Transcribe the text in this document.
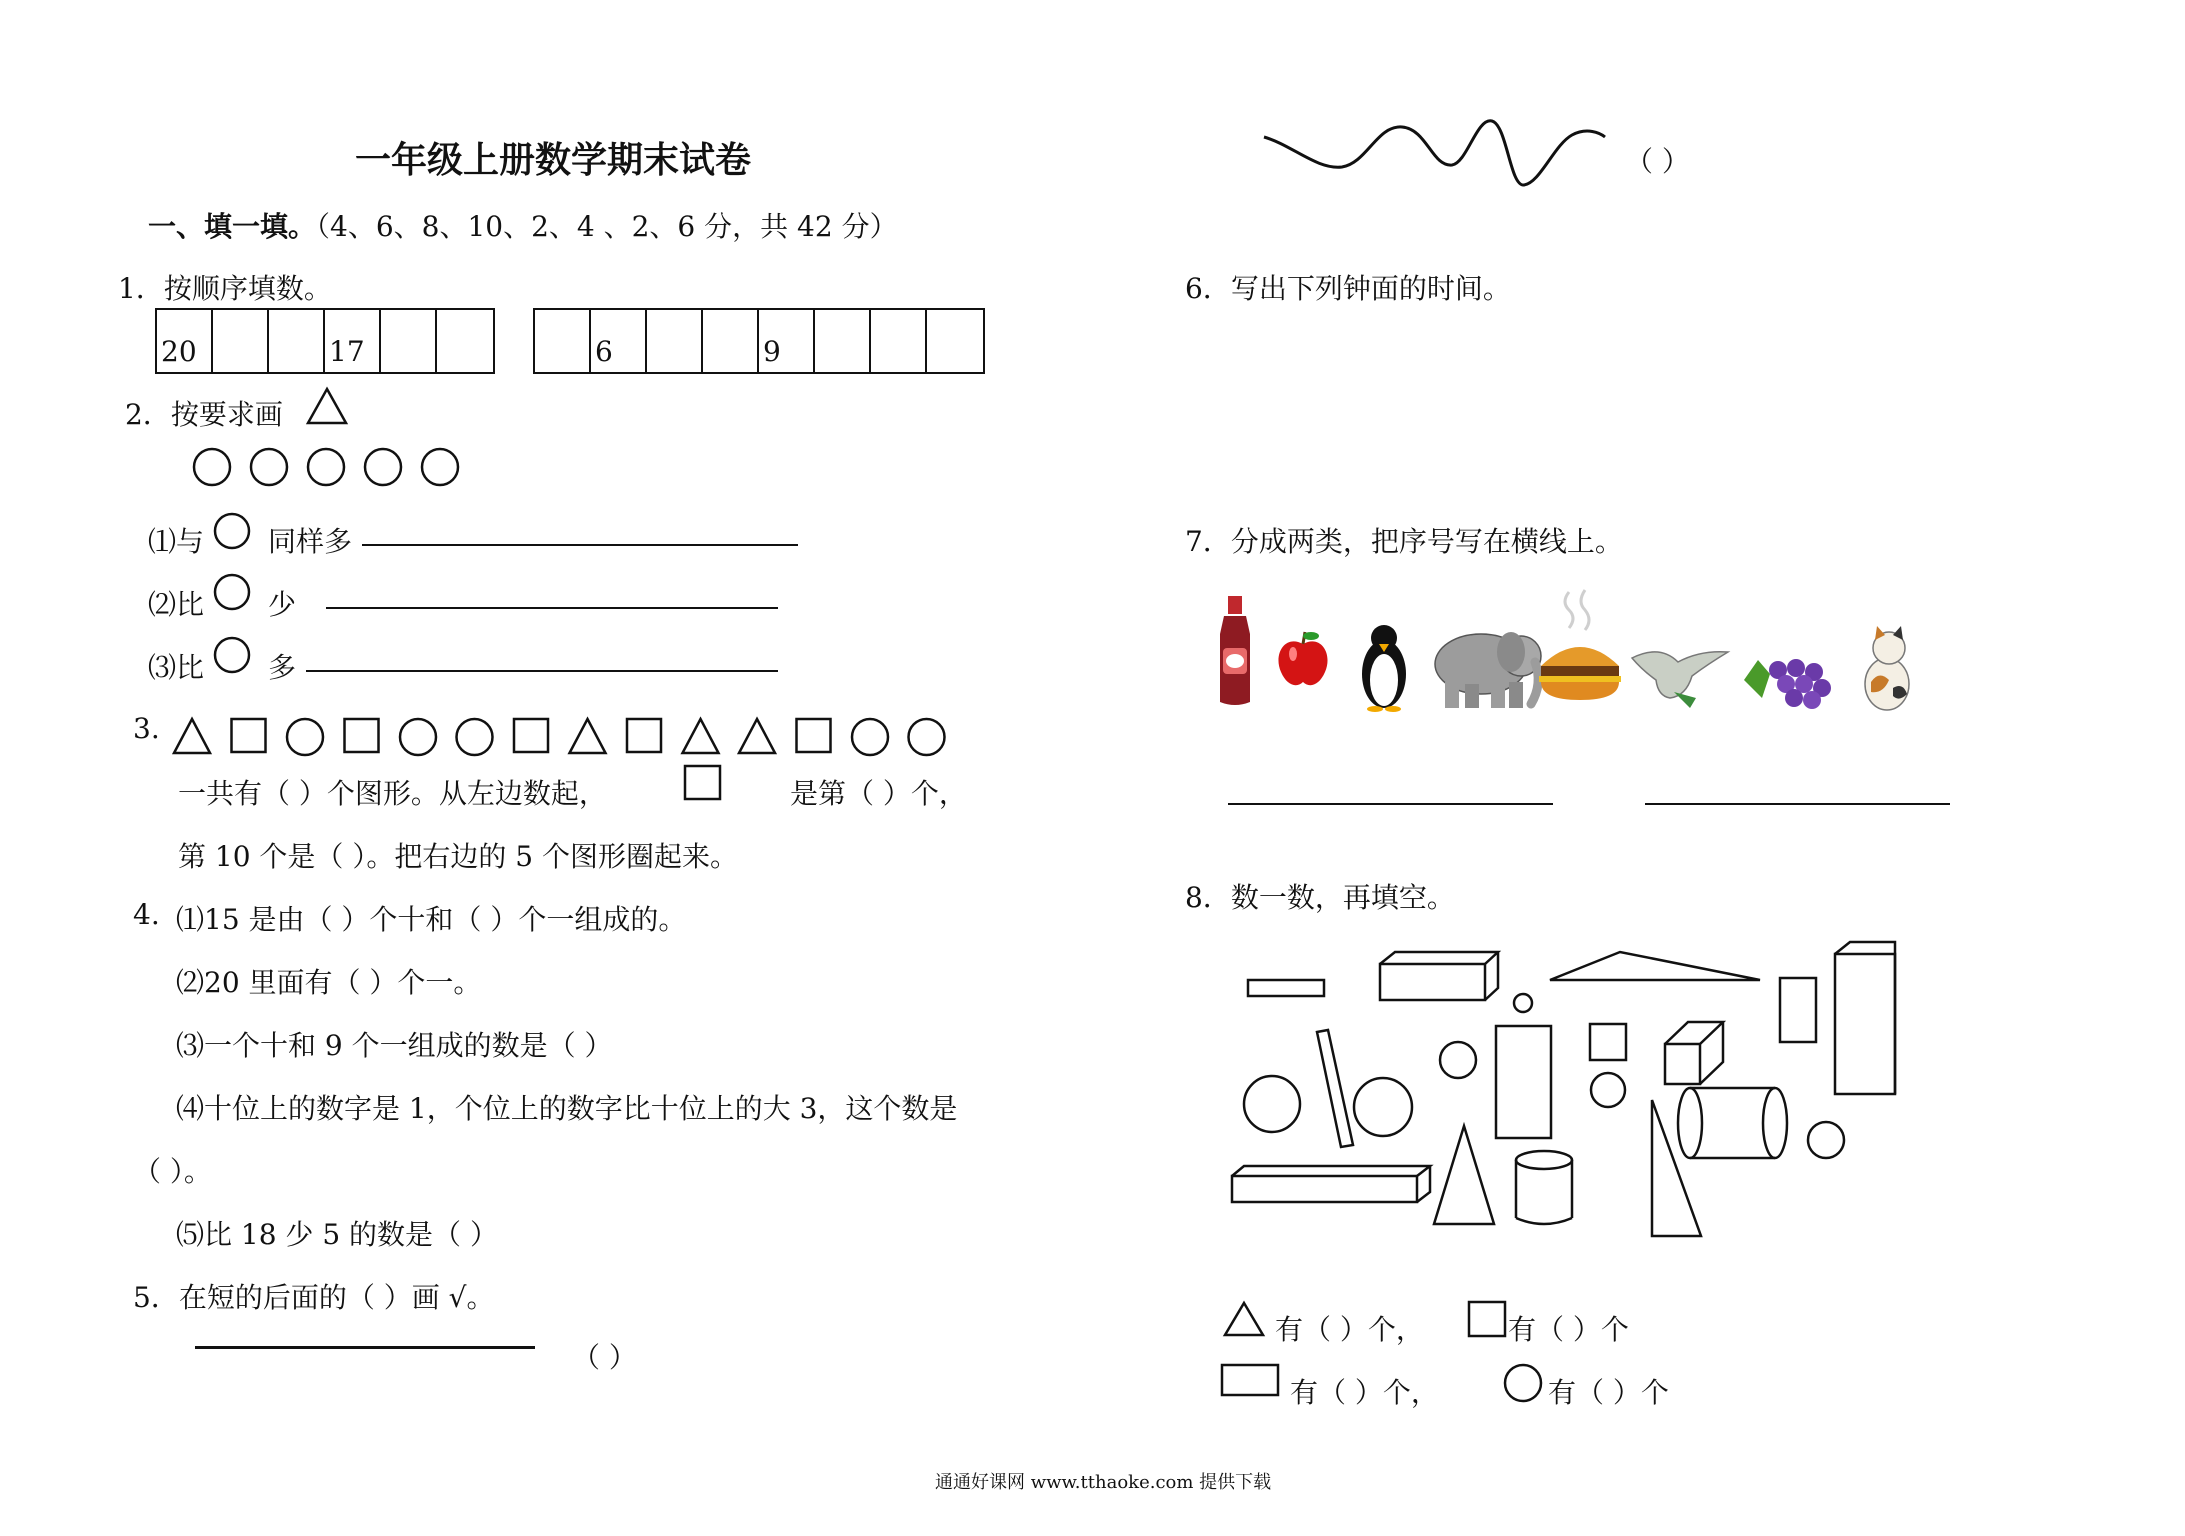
一年级上册数学期末试卷
一、填一填。（4、6、8、10、2、4 、2、6 分，共 42 分）
1．按顺序填数。
20	17	6	9
2．按要求画
⑴与 同样多
⑵比 少
⑶比 多
3.
一共有（ ）个图形。从左边数起，	是第（ ）个，
第 10 个是（ ）。把右边的 5 个图形圈起来。
4. ⑴15 是由（ ）个十和（ ）个一组成的。
⑵20 里面有（ ）个一。
⑶一个十和 9 个一组成的数是（ ）
⑷十位上的数字是 1，个位上的数字比十位上的大 3，这个数是
（ ）。
⑸比 18 少 5 的数是（ ）
5．在短的后面的（ ）画 √。
（ ）
（ ）
6．写出下列钟面的时间。
7．分成两类，把序号写在横线上。
8．数一数，再填空。
有（ ）个，	有（ ）个
有（ ）个，	有（ ）个
通通好课网 www.tthaoke.com 提供下载
